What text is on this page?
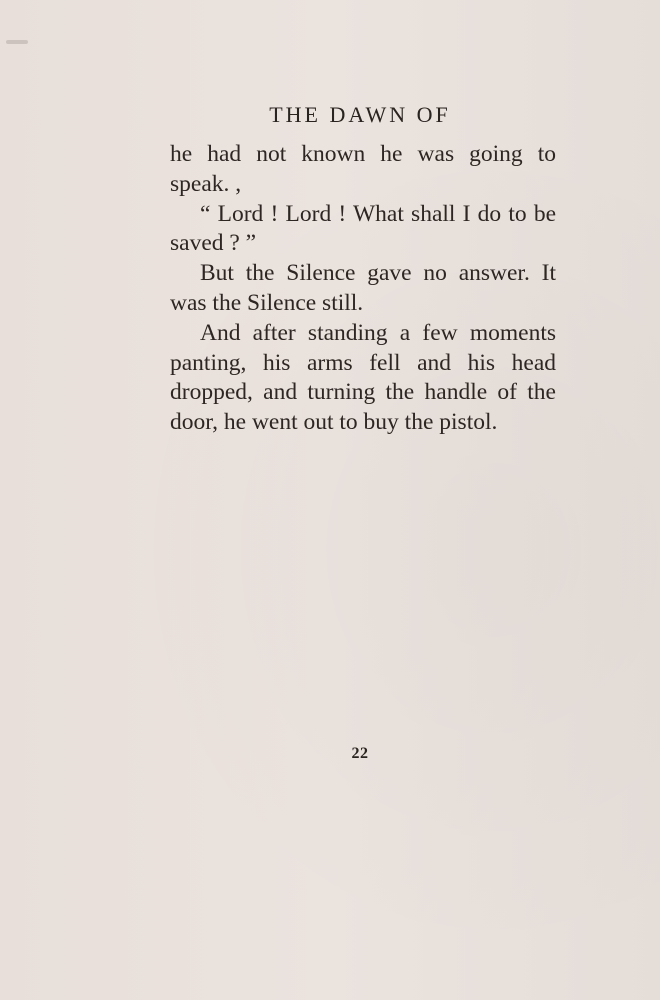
THE DAWN OF

he had not known he was going to speak. ,

“ Lord ! Lord ! What shall I do to be saved ? ”

But the Silence gave no answer. It was the Silence still.

And after standing a few moments panting, his arms fell and his head dropped, and turning the handle of the door, he went out to buy the pistol.

22
